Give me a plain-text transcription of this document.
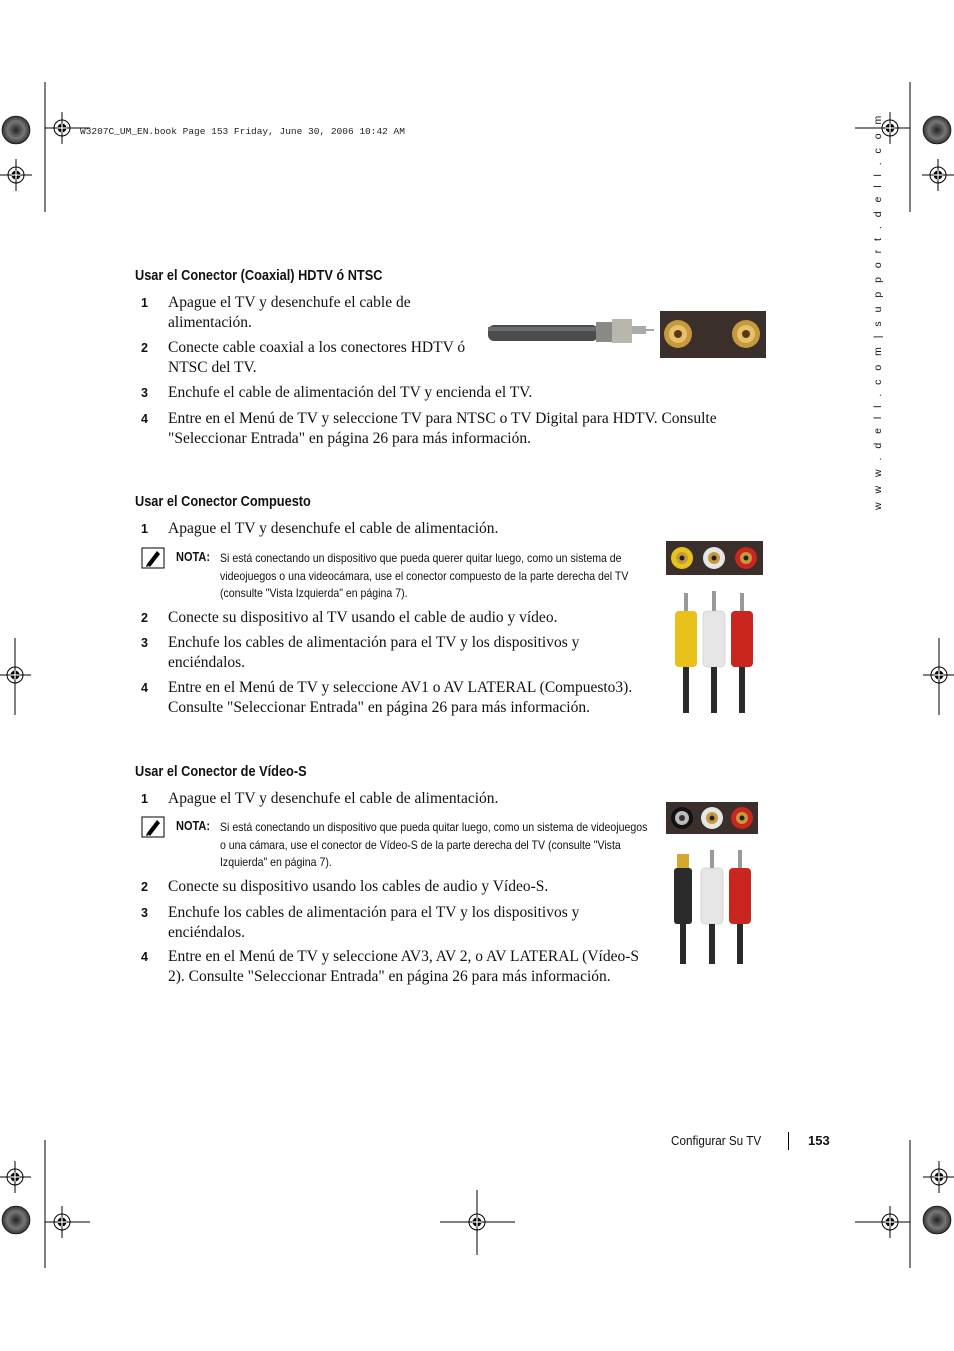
W3207C_UM_EN.book Page 153 Friday, June 30, 2006 10:42 AM	w w w . d e l l . c o m | s u p p o r t . d e l l . c o m
Usar el Conector (Coaxial) HDTV ó NTSC
1 Apague el TV y desenchufe el cable de alimentación.
2 Conecte cable coaxial a los conectores HDTV ó NTSC del TV.
3 Enchufe el cable de alimentación del TV y encienda el TV.
4 Entre en el Menú de TV y seleccione TV para NTSC o TV Digital para HDTV. Consulte "Seleccionar Entrada" en página 26 para más información.
Usar el Conector Compuesto
1 Apague el TV y desenchufe el cable de alimentación.
NOTA: Si está conectando un dispositivo que pueda querer quitar luego, como un sistema de videojuegos o una videocámara, use el conector compuesto de la parte derecha del TV (consulte "Vista Izquierda" en página 7).
2 Conecte su dispositivo al TV usando el cable de audio y vídeo.
3 Enchufe los cables de alimentación para el TV y los dispositivos y enciéndalos.
4 Entre en el Menú de TV y seleccione AV1 o AV LATERAL (Compuesto3). Consulte "Seleccionar Entrada" en página 26 para más información.
Usar el Conector de Vídeo-S
1 Apague el TV y desenchufe el cable de alimentación.
NOTA: Si está conectando un dispositivo que pueda quitar luego, como un sistema de videojuegos o una cámara, use el conector de Vídeo-S de la parte derecha del TV (consulte "Vista Izquierda" en página 7).
2 Conecte su dispositivo usando los cables de audio y Vídeo-S.
3 Enchufe los cables de alimentación para el TV y los dispositivos y enciéndalos.
4 Entre en el Menú de TV y seleccione AV3, AV 2, o AV LATERAL (Vídeo-S 2). Consulte "Seleccionar Entrada" en página 26 para más información.
Configurar Su TV	153
